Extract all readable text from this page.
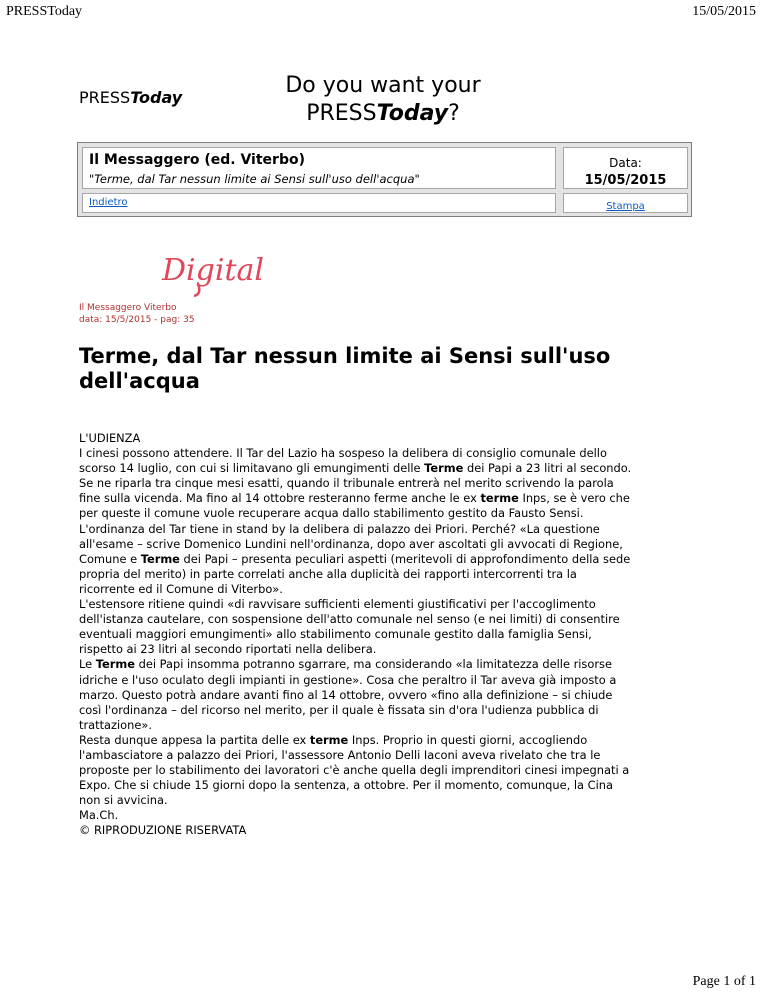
PRESSToday	15/05/2015
PRESSToday	Do you want your
PRESSToday?
Il Messaggero (ed. Viterbo)
"Terme, dal Tar nessun limite ai Sensi sull'uso dell'acqua"
Data:
15/05/2015
Indietro	Stampa
Digital
Il Messaggero Viterbo
data: 15/5/2015 - pag: 35
Terme, dal Tar nessun limite ai Sensi sull'uso dell'acqua

L'UDIENZA

I cinesi possono attendere. Il Tar del Lazio ha sospeso la delibera di consiglio comunale dello scorso 14 luglio, con cui si limitavano gli emungimenti delle Terme dei Papi a 23 litri al secondo. Se ne riparla tra cinque mesi esatti, quando il tribunale entrerà nel merito scrivendo la parola fine sulla vicenda. Ma fino al 14 ottobre resteranno ferme anche le ex terme Inps, se è vero che per queste il comune vuole recuperare acqua dallo stabilimento gestito da Fausto Sensi.

L'ordinanza del Tar tiene in stand by la delibera di palazzo dei Priori. Perché? «La questione all'esame – scrive Domenico Lundini nell'ordinanza, dopo aver ascoltati gli avvocati di Regione, Comune e Terme dei Papi – presenta peculiari aspetti (meritevoli di approfondimento della sede propria del merito) in parte correlati anche alla duplicità dei rapporti intercorrenti tra la ricorrente ed il Comune di Viterbo».

L'estensore ritiene quindi «di ravvisare sufficienti elementi giustificativi per l'accoglimento dell'istanza cautelare, con sospensione dell'atto comunale nel senso (e nei limiti) di consentire eventuali maggiori emungimenti» allo stabilimento comunale gestito dalla famiglia Sensi, rispetto ai 23 litri al secondo riportati nella delibera.

Le Terme dei Papi insomma potranno sgarrare, ma considerando «la limitatezza delle risorse idriche e l'uso oculato degli impianti in gestione». Cosa che peraltro il Tar aveva già imposto a marzo. Questo potrà andare avanti fino al 14 ottobre, ovvero «fino alla definizione – si chiude così l'ordinanza – del ricorso nel merito, per il quale è fissata sin d'ora l'udienza pubblica di trattazione».

Resta dunque appesa la partita delle ex terme Inps. Proprio in questi giorni, accogliendo l'ambasciatore a palazzo dei Priori, l'assessore Antonio Delli Iaconi aveva rivelato che tra le proposte per lo stabilimento dei lavoratori c'è anche quella degli imprenditori cinesi impegnati a Expo. Che si chiude 15 giorni dopo la sentenza, a ottobre. Per il momento, comunque, la Cina non si avvicina.

Ma.Ch.

© RIPRODUZIONE RISERVATA

Page 1 of 1
